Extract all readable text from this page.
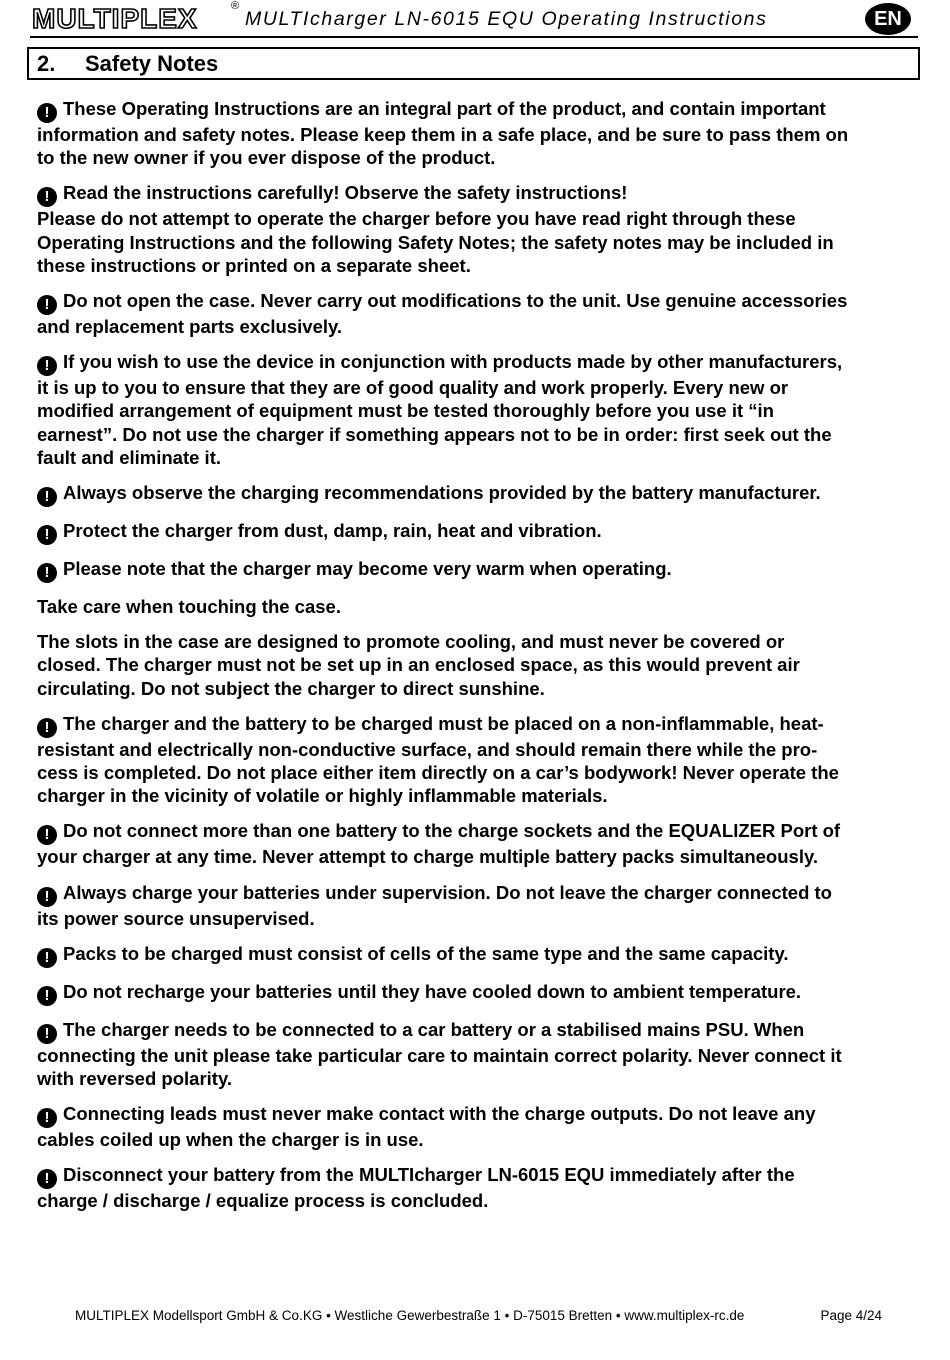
MULTIPLEX	®
MULTIcharger LN-6015 EQU Operating Instructions	EN
2. Safety Notes
! These Operating Instructions are an integral part of the product, and contain important
information and safety notes. Please keep them in a safe place, and be sure to pass them on
to the new owner if you ever dispose of the product.
! Read the instructions carefully! Observe the safety instructions!
Please do not attempt to operate the charger before you have read right through these
Operating Instructions and the following Safety Notes; the safety notes may be included in
these instructions or printed on a separate sheet.
! Do not open the case. Never carry out modifications to the unit. Use genuine accessories
and replacement parts exclusively.
! If you wish to use the device in conjunction with products made by other manufacturers,
it is up to you to ensure that they are of good quality and work properly. Every new or
modified arrangement of equipment must be tested thoroughly before you use it “in
earnest”. Do not use the charger if something appears not to be in order: first seek out the
fault and eliminate it.
! Always observe the charging recommendations provided by the battery manufacturer.
! Protect the charger from dust, damp, rain, heat and vibration.
! Please note that the charger may become very warm when operating.
Take care when touching the case.
The slots in the case are designed to promote cooling, and must never be covered or
closed. The charger must not be set up in an enclosed space, as this would prevent air
circulating. Do not subject the charger to direct sunshine.
! The charger and the battery to be charged must be placed on a non-inflammable, heat-
resistant and electrically non-conductive surface, and should remain there while the pro-
cess is completed. Do not place either item directly on a car’s bodywork! Never operate the
charger in the vicinity of volatile or highly inflammable materials.
! Do not connect more than one battery to the charge sockets and the EQUALIZER Port of
your charger at any time. Never attempt to charge multiple battery packs simultaneously.
! Always charge your batteries under supervision. Do not leave the charger connected to
its power source unsupervised.
! Packs to be charged must consist of cells of the same type and the same capacity.
! Do not recharge your batteries until they have cooled down to ambient temperature.
! The charger needs to be connected to a car battery or a stabilised mains PSU. When
connecting the unit please take particular care to maintain correct polarity. Never connect it
with reversed polarity.
! Connecting leads must never make contact with the charge outputs. Do not leave any
cables coiled up when the charger is in use.
! Disconnect your battery from the MULTIcharger LN-6015 EQU immediately after the
charge / discharge / equalize process is concluded.
MULTIPLEX Modellsport GmbH & Co.KG • Westliche Gewerbestraße 1 • D-75015 Bretten • www.multiplex-rc.de	Page 4/24
